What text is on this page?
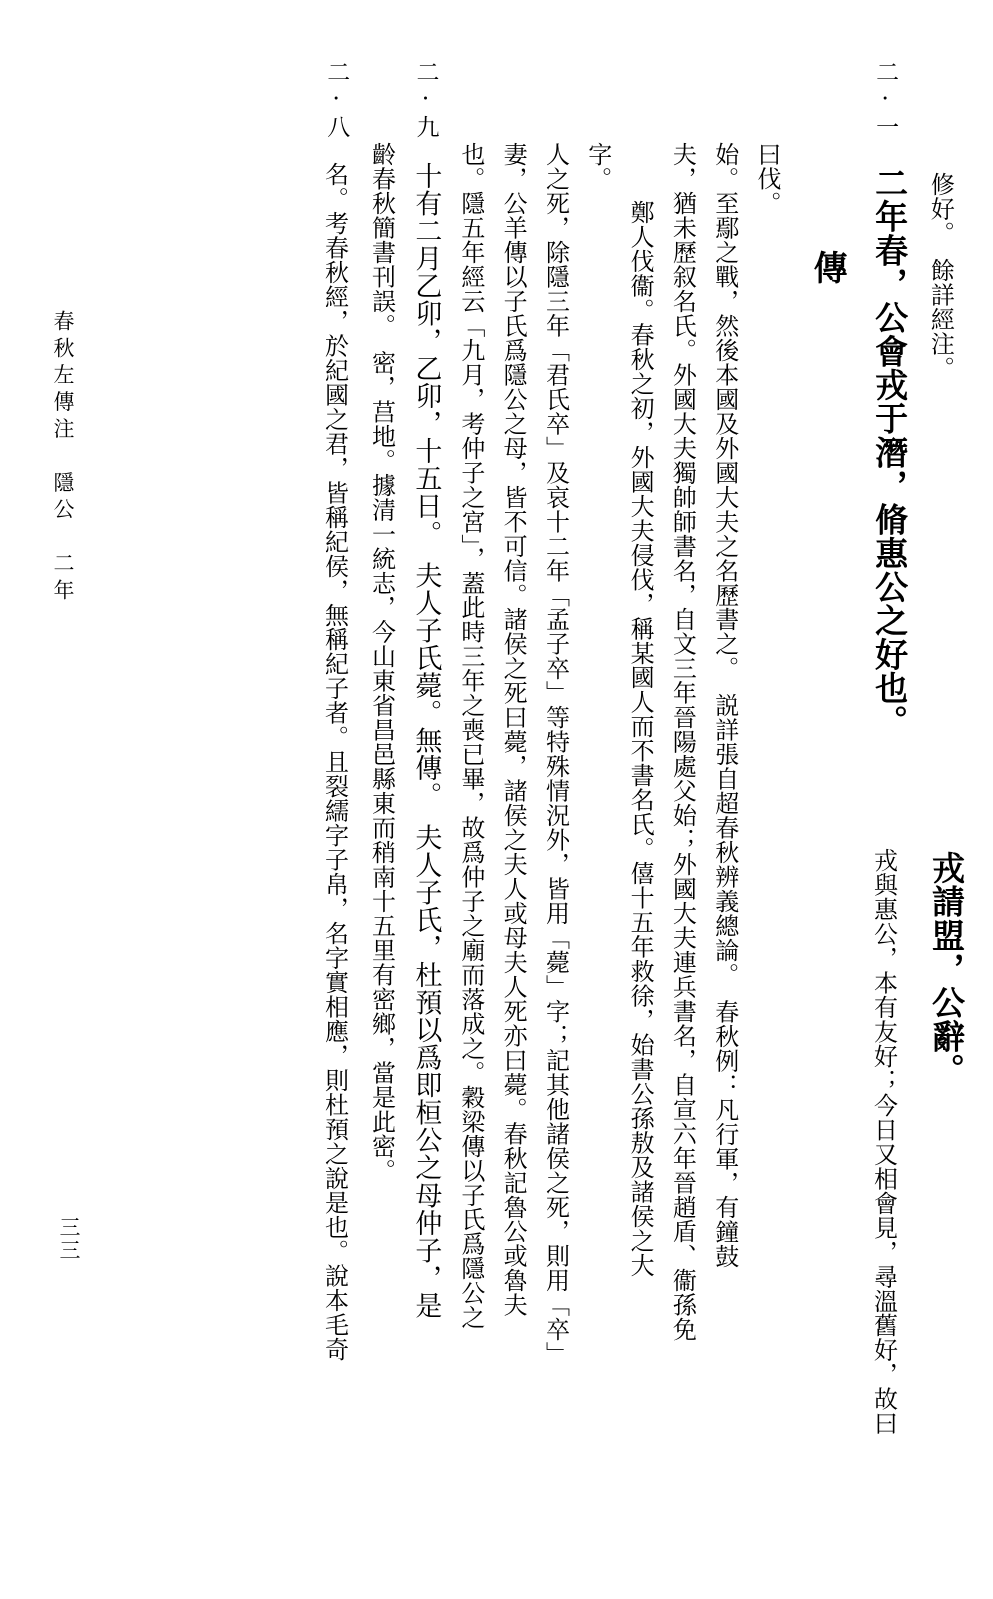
春秋左傳注　隱公　二年
三三
二·八
名。考春秋經，於紀國之君，皆稱紀侯，無稱紀子者。且裂繻字子帛，名字實相應，則杜預之說是也。說本毛奇 齡春秋簡書刊誤。　密，莒地。據清一統志，今山東省昌邑縣東而稍南十五里有密鄉，當是此密。
二·九
十有二月乙卯，乙卯，十五日。　夫人子氏薨。無傳。　夫人子氏，杜預以爲即桓公之母仲子，是 也。隱五年經云「九月，考仲子之宮」，蓋此時三年之喪已畢，故爲仲子之廟而落成之。穀梁傳以子氏爲隱公之 妻，公羊傳以子氏爲隱公之母，皆不可信。諸侯之死曰薨，諸侯之夫人或母夫人死亦曰薨。春秋記魯公或魯夫 人之死，除隱三年「君氏卒」及哀十二年「孟子卒」等特殊情況外，皆用「薨」字；記其他諸侯之死，則用「卒」 字。
鄭人伐衞。春秋之初，外國大夫侵伐，稱某國人而不書名氏。僖十五年救徐，始書公孫敖及諸侯之大 夫，猶未歷叙名氏。外國大夫獨帥師書名，自文三年晉陽處父始；外國大夫連兵書名，自宣六年晉趙盾、衞孫免 始。至鄢之戰，然後本國及外國大夫之名歷書之。　説詳張自超春秋辨義總論。　春秋例：凡行軍，有鐘鼓 曰伐。
傳
二·一
二年春，公會戎于潛，脩惠公之好也。
戎與惠公，本有友好；今日又相會見，尋溫舊好，故曰
修好。　餘詳經注。
戎請盟，公辭。
